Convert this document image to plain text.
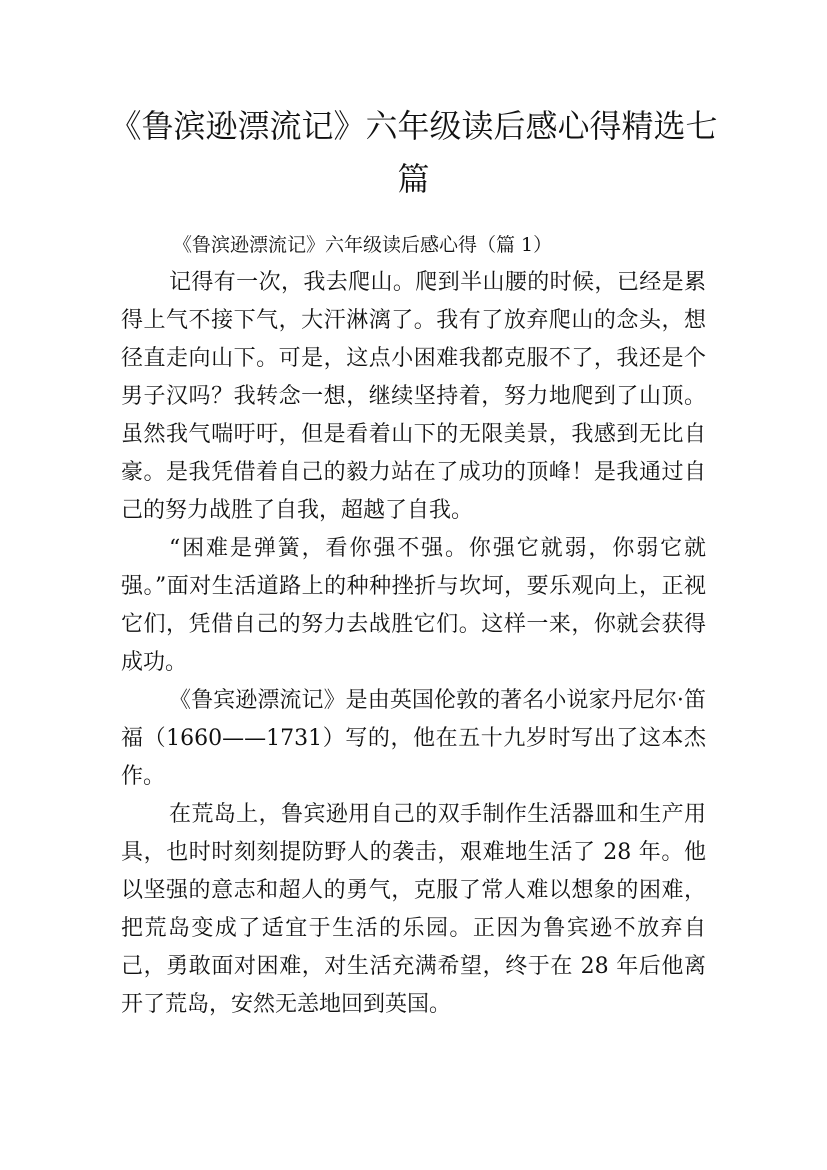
《鲁滨逊漂流记》六年级读后感心得精选七篇

《鲁滨逊漂流记》六年级读后感心得（篇 1）

记得有一次，我去爬山。爬到半山腰的时候，已经是累得上气不接下气，大汗淋漓了。我有了放弃爬山的念头，想径直走向山下。可是，这点小困难我都克服不了，我还是个男子汉吗？我转念一想，继续坚持着，努力地爬到了山顶。虽然我气喘吁吁，但是看着山下的无限美景，我感到无比自豪。是我凭借着自己的毅力站在了成功的顶峰！是我通过自己的努力战胜了自我，超越了自我。

“困难是弹簧，看你强不强。你强它就弱，你弱它就强。”面对生活道路上的种种挫折与坎坷，要乐观向上，正视它们，凭借自己的努力去战胜它们。这样一来，你就会获得成功。

《鲁宾逊漂流记》是由英国伦敦的著名小说家丹尼尔·笛福（1660——1731）写的，他在五十九岁时写出了这本杰作。

在荒岛上，鲁宾逊用自己的双手制作生活器皿和生产用具，也时时刻刻提防野人的袭击，艰难地生活了 28 年。他以坚强的意志和超人的勇气，克服了常人难以想象的困难，把荒岛变成了适宜于生活的乐园。正因为鲁宾逊不放弃自己，勇敢面对困难，对生活充满希望，终于在 28 年后他离开了荒岛，安然无恙地回到英国。
